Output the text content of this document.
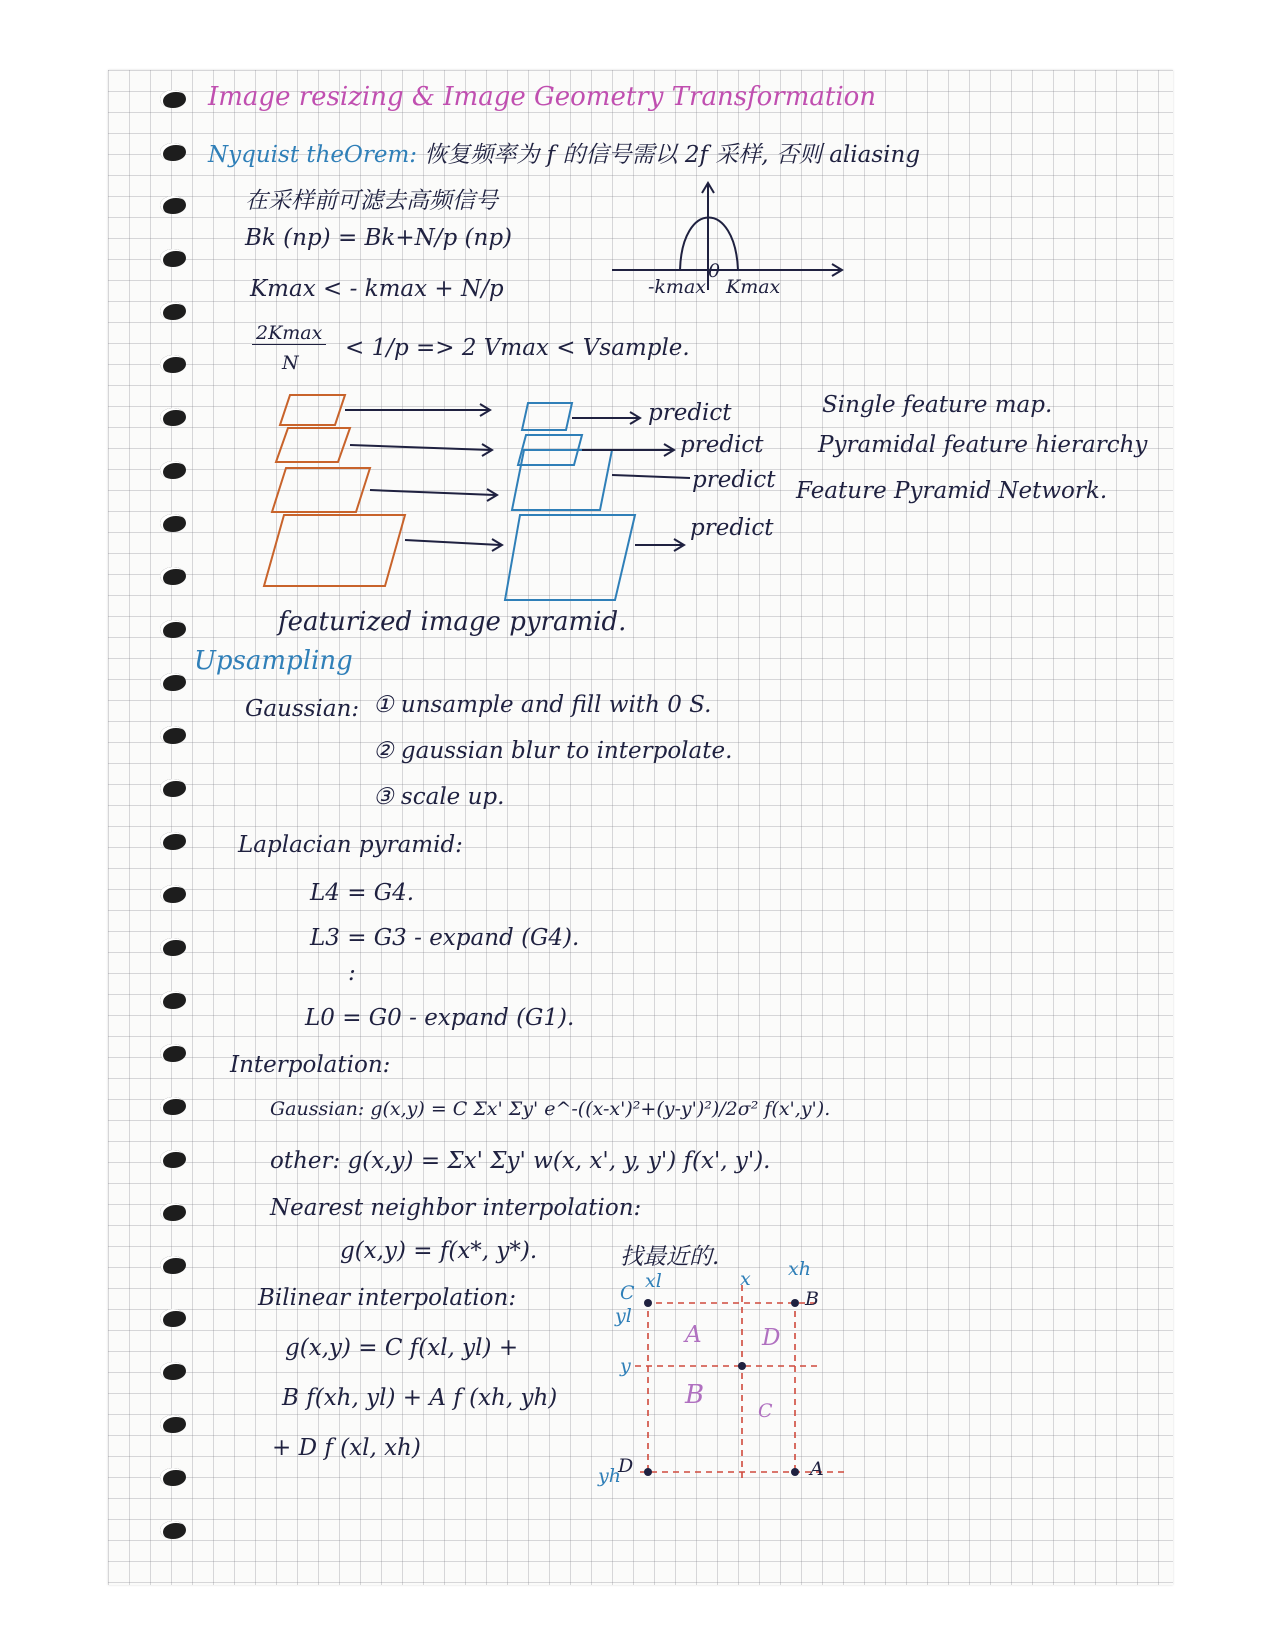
Image resizing & Image Geometry Transformation
Nyquist theOrem: 恢复频率为 f 的信号需以 2f 采样, 否则 aliasing
在采样前可滤去高频信号
Bk (np) = Bk+N/p (np)
Kmax < - kmax + N/p
2Kmax
N
< 1/p => 2 Vmax < Vsample.
-kmax
0
Kmax
predict
predict
predict
predict
Single feature map.
Pyramidal feature hierarchy
Feature Pyramid Network.
featurized image pyramid.
Upsampling
Gaussian: ① unsample and fill with 0 S.
② gaussian blur to interpolate.
③ scale up.
Laplacian pyramid:
L4 = G4.
L3 = G3 - expand (G4).
:
L0 = G0 - expand (G1).
Interpolation:
Gaussian: g(x,y) = C Σx' Σy' e^-((x-x')²+(y-y')²)/2σ² f(x',y').
other: g(x,y) = Σx' Σy' w(x, x', y, y') f(x', y').
Nearest neighbor interpolation:
g(x,y) = f(x*, y*).	找最近的.
Bilinear interpolation:
g(x,y) = C f(xl, yl) +
B f(xh, yl) + A f (xh, yh)
+ D f (xl, xh)
C	B
D	A
xl	x xh
yl
y
yh
A	D
B
C
